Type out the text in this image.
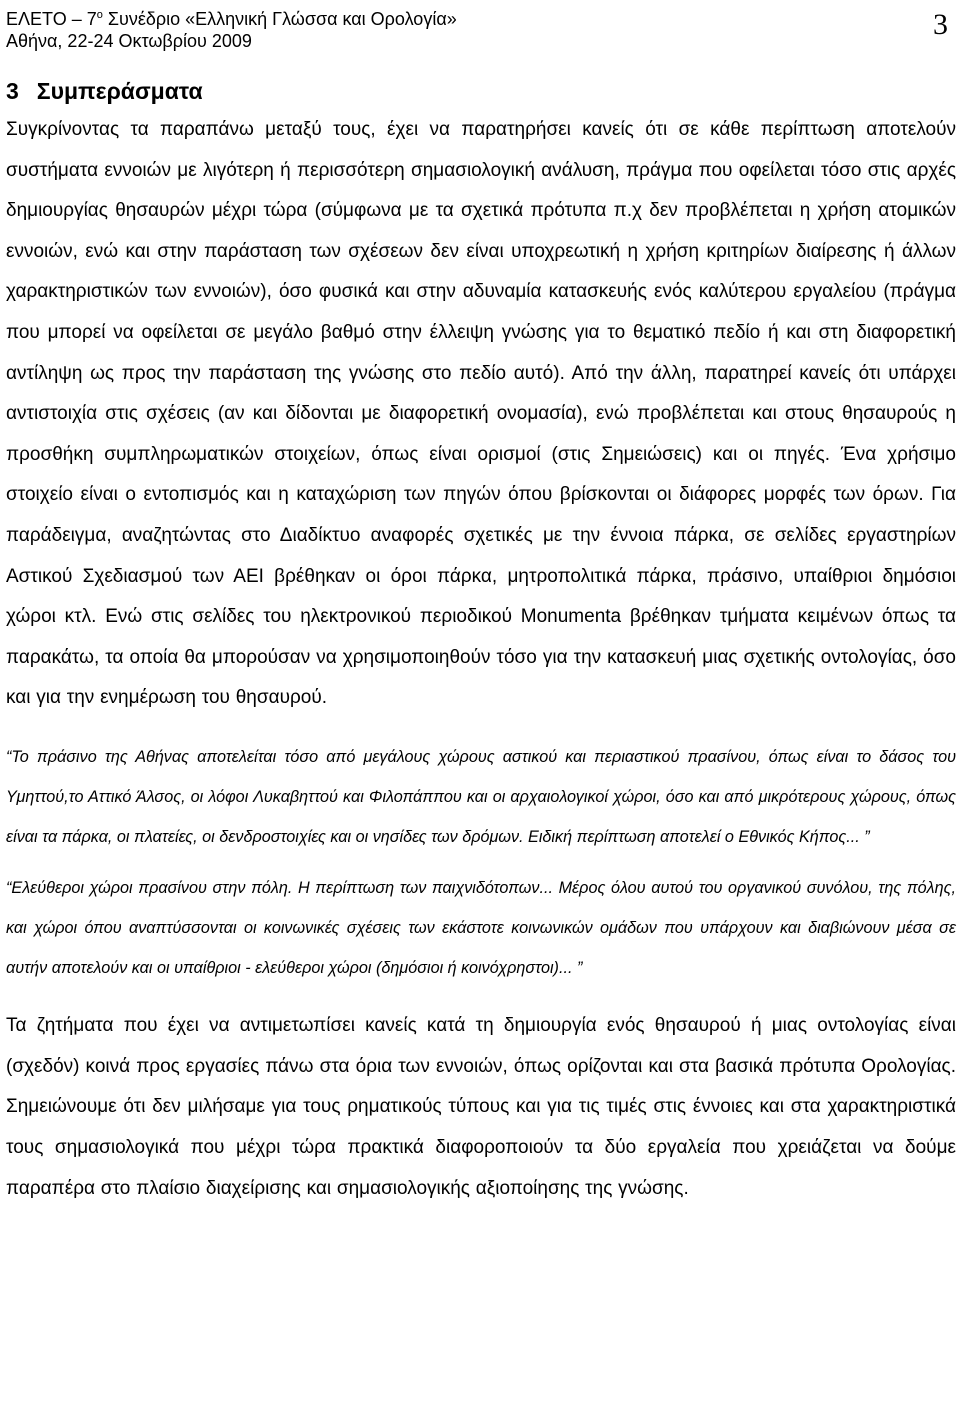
ΕΛΕΤΟ – $7^o$ Συνέδριο «Ελληνική Γλώσσα και Ορολογία»
Αθήνα, 22-24 Οκτωβρίου 2009	3
3 Συμπεράσματα

Συγκρίνοντας τα παραπάνω μεταξύ τους, έχει να παρατηρήσει κανείς ότι σε κάθε περίπτωση αποτελούν συστήματα εννοιών με λιγότερη ή περισσότερη σημασιολογική ανάλυση, πράγμα που οφείλεται τόσο στις αρχές δημιουργίας θησαυρών μέχρι τώρα (σύμφωνα με τα σχετικά πρότυπα π.χ δεν προβλέπεται η χρήση ατομικών εννοιών, ενώ και στην παράσταση των σχέσεων δεν είναι υποχρεωτική η χρήση κριτηρίων διαίρεσης ή άλλων χαρακτηριστικών των εννοιών), όσο φυσικά και στην αδυναμία κατασκευής ενός καλύτερου εργαλείου (πράγμα που μπορεί να οφείλεται σε μεγάλο βαθμό στην έλλειψη γνώσης για το θεματικό πεδίο ή και στη διαφορετική αντίληψη ως προς την παράσταση της γνώσης στο πεδίο αυτό). Από την άλλη, παρατηρεί κανείς ότι υπάρχει αντιστοιχία στις σχέσεις (αν και δίδονται με διαφορετική ονομασία), ενώ προβλέπεται και στους θησαυρούς η προσθήκη συμπληρωματικών στοιχείων, όπως είναι ορισμοί (στις Σημειώσεις) και οι πηγές. Ένα χρήσιμο στοιχείο είναι ο εντοπισμός και η καταχώριση των πηγών όπου βρίσκονται οι διάφορες μορφές των όρων. Για παράδειγμα, αναζητώντας στο Διαδίκτυο αναφορές σχετικές με την έννοια πάρκα, σε σελίδες εργαστηρίων Αστικού Σχεδιασμού των ΑΕΙ βρέθηκαν οι όροι πάρκα, μητροπολιτικά πάρκα, πράσινο, υπαίθριοι δημόσιοι χώροι κτλ. Ενώ στις σελίδες του ηλεκτρονικού περιοδικού Monumenta βρέθηκαν τμήματα κειμένων όπως τα παρακάτω, τα οποία θα μπορούσαν να χρησιμοποιηθούν τόσο για την κατασκευή μιας σχετικής οντολογίας, όσο και για την ενημέρωση του θησαυρού.

“Το πράσινο της Αθήνας αποτελείται τόσο από μεγάλους χώρους αστικού και περιαστικού πρασίνου, όπως είναι το δάσος του Υμηττού,το Αττικό Άλσος, οι λόφοι Λυκαβηττού και Φιλοπάππου και οι αρχαιολογικοί χώροι, όσο και από μικρότερους χώρους, όπως είναι τα πάρκα, οι πλατείες, οι δενδροστοιχίες και οι νησίδες των δρόμων. Ειδική περίπτωση αποτελεί ο Εθνικός Κήπος... ”

“Ελεύθεροι χώροι πρασίνου στην πόλη. Η περίπτωση των παιχνιδότοπων... Μέρος όλου αυτού του οργανικού συνόλου, της πόλης, και χώροι όπου αναπτύσσονται οι κοινωνικές σχέσεις των εκάστοτε κοινωνικών ομάδων που υπάρχουν και διαβιώνουν μέσα σε αυτήν αποτελούν και οι υπαίθριοι - ελεύθεροι χώροι (δημόσιοι ή κοινόχρηστοι)... ”

Τα ζητήματα που έχει να αντιμετωπίσει κανείς κατά τη δημιουργία ενός θησαυρού ή μιας οντολογίας είναι (σχεδόν) κοινά προς εργασίες πάνω στα όρια των εννοιών, όπως ορίζονται και στα βασικά πρότυπα Ορολογίας. Σημειώνουμε ότι δεν μιλήσαμε για τους ρηματικούς τύπους και για τις τιμές στις έννοιες και στα χαρακτηριστικά τους σημασιολογικά που μέχρι τώρα πρακτικά διαφοροποιούν τα δύο εργαλεία που χρειάζεται να δούμε παραπέρα στο πλαίσιο διαχείρισης και σημασιολογικής αξιοποίησης της γνώσης.
